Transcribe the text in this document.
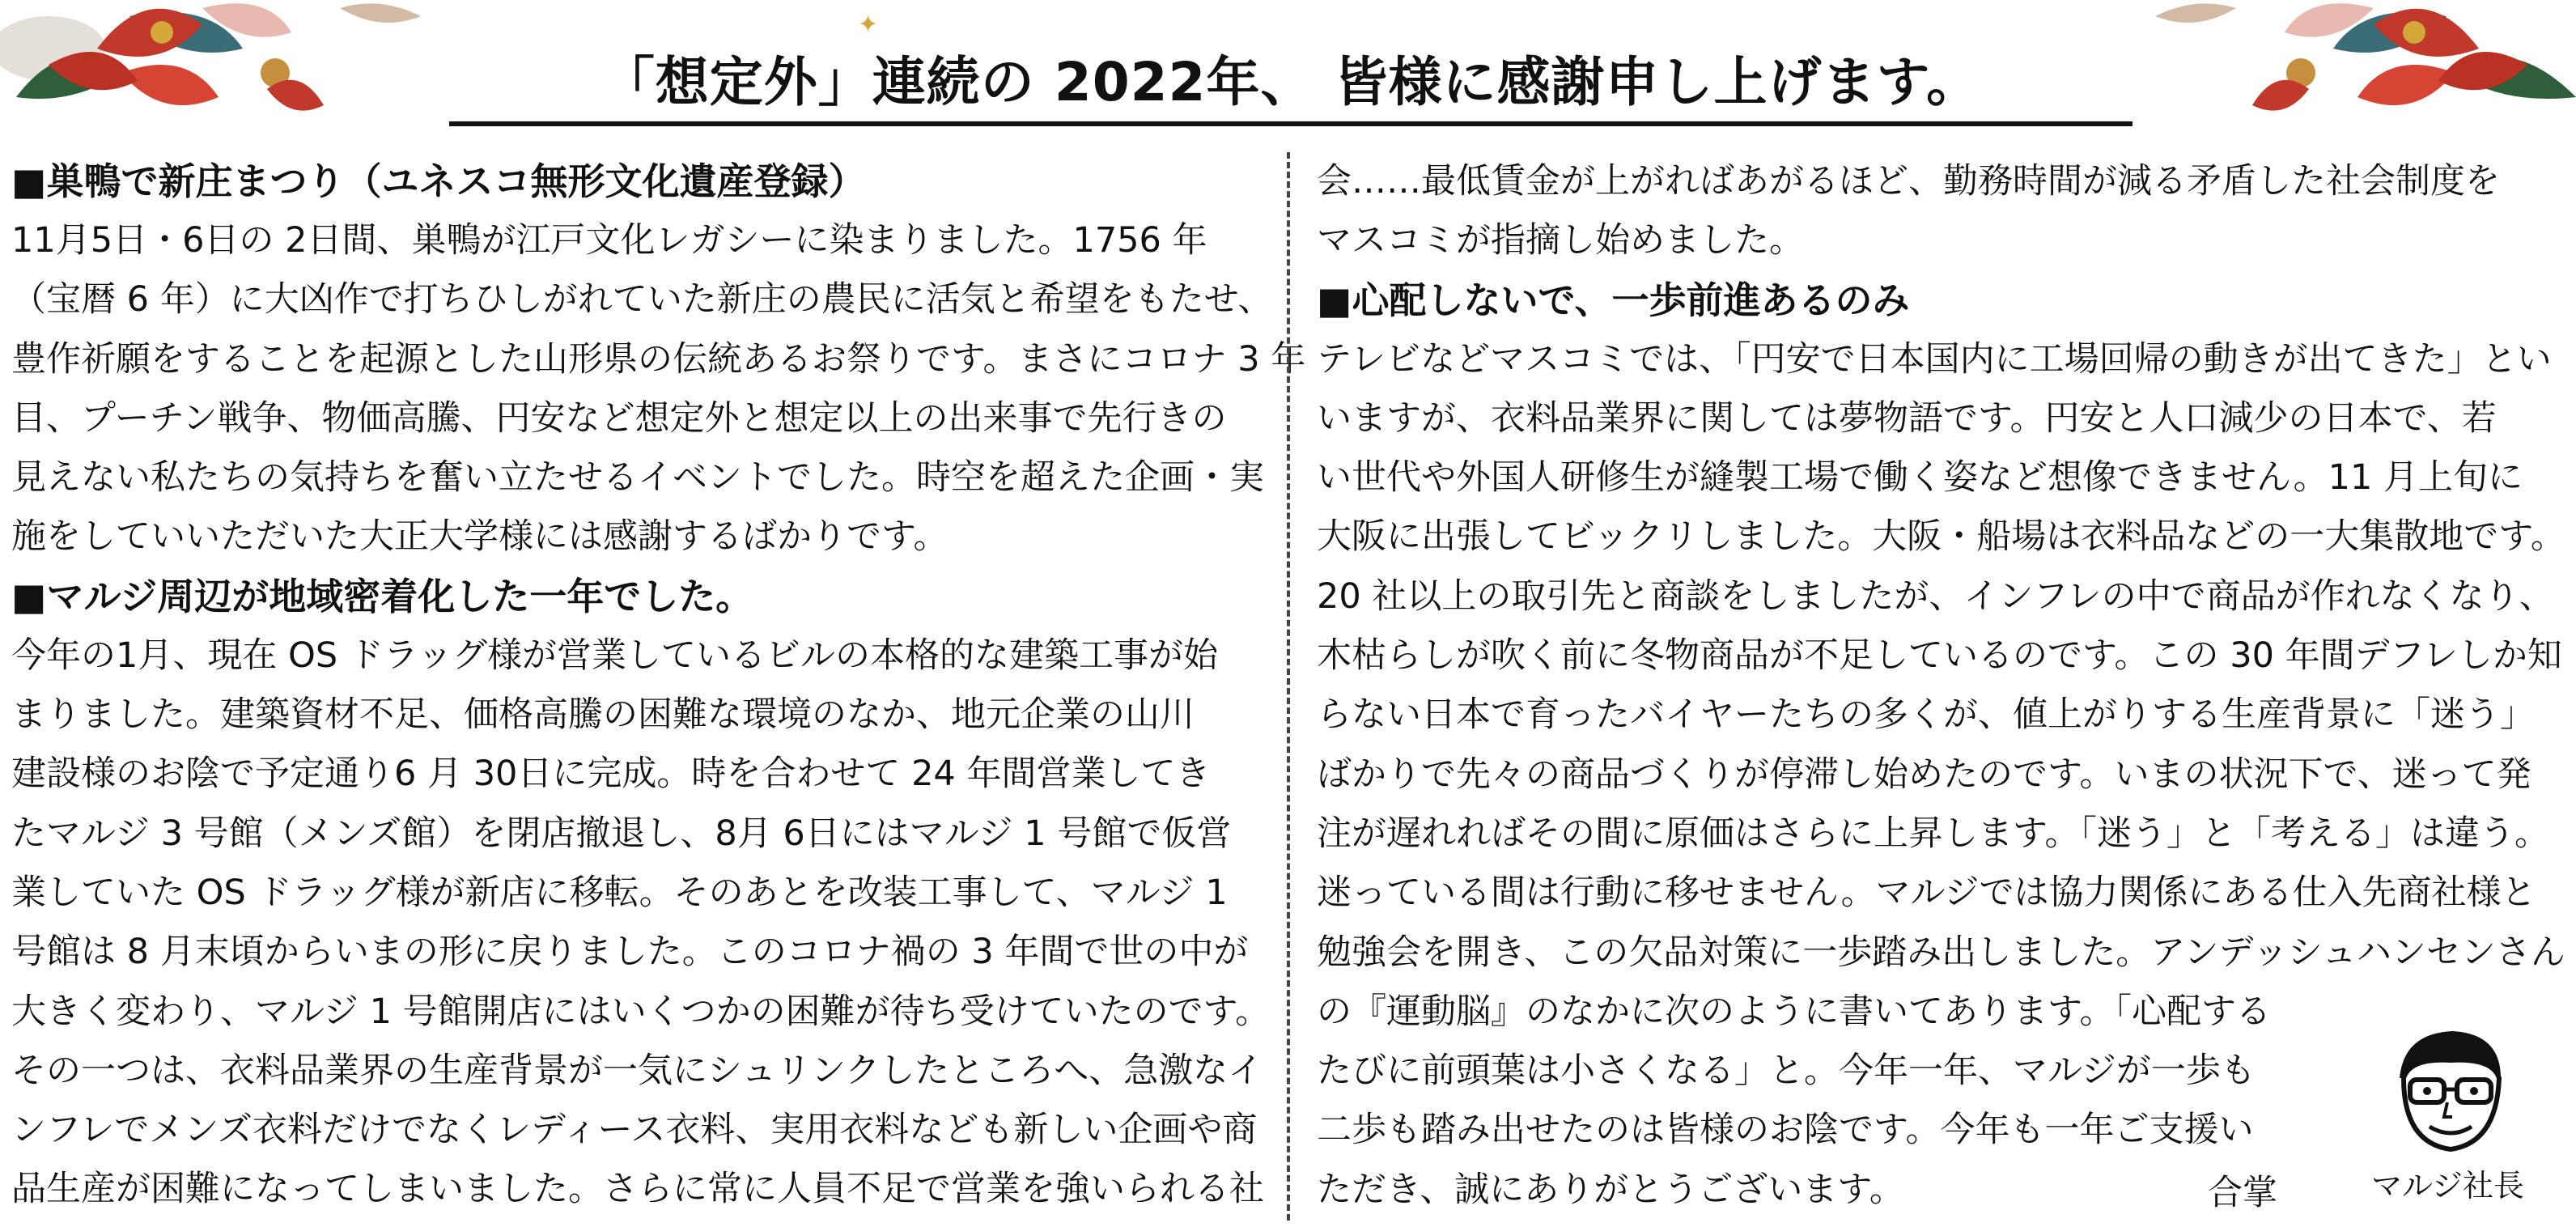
✦
「想定外」連続の 2022年、 皆様に感謝申し上げます。
■巣鴨で新庄まつり（ユネスコ無形文化遺産登録）
11月5日・6日の 2日間、巣鴨が江戸文化レガシーに染まりました。1756 年
（宝暦 6 年）に大凶作で打ちひしがれていた新庄の農民に活気と希望をもたせ、
豊作祈願をすることを起源とした山形県の伝統あるお祭りです。まさにコロナ 3 年
目、プーチン戦争、物価高騰、円安など想定外と想定以上の出来事で先行きの
見えない私たちの気持ちを奮い立たせるイベントでした。時空を超えた企画・実
施をしていいただいた大正大学様には感謝するばかりです。
■マルジ周辺が地域密着化した一年でした。
今年の1月、現在 OS ドラッグ様が営業しているビルの本格的な建築工事が始
まりました。建築資材不足、価格高騰の困難な環境のなか、地元企業の山川
建設様のお陰で予定通り6 月 30日に完成。時を合わせて 24 年間営業してき
たマルジ 3 号館（メンズ館）を閉店撤退し、8月 6日にはマルジ 1 号館で仮営
業していた OS ドラッグ様が新店に移転。そのあとを改装工事して、マルジ 1
号館は 8 月末頃からいまの形に戻りました。このコロナ禍の 3 年間で世の中が
大きく変わり、マルジ 1 号館開店にはいくつかの困難が待ち受けていたのです。
その一つは、衣料品業界の生産背景が一気にシュリンクしたところへ、急激なイ
ンフレでメンズ衣料だけでなくレディース衣料、実用衣料なども新しい企画や商
品生産が困難になってしまいました。さらに常に人員不足で営業を強いられる社
会……最低賃金が上がればあがるほど、勤務時間が減る矛盾した社会制度を
マスコミが指摘し始めました。
■心配しないで、一歩前進あるのみ
テレビなどマスコミでは、「円安で日本国内に工場回帰の動きが出てきた」とい
いますが、衣料品業界に関しては夢物語です。円安と人口減少の日本で、若
い世代や外国人研修生が縫製工場で働く姿など想像できません。11 月上旬に
大阪に出張してビックリしました。大阪・船場は衣料品などの一大集散地です。
20 社以上の取引先と商談をしましたが、インフレの中で商品が作れなくなり、
木枯らしが吹く前に冬物商品が不足しているのです。この 30 年間デフレしか知
らない日本で育ったバイヤーたちの多くが、値上がりする生産背景に「迷う」
ばかりで先々の商品づくりが停滞し始めたのです。いまの状況下で、迷って発
注が遅れればその間に原価はさらに上昇します。「迷う」と「考える」は違う。
迷っている間は行動に移せません。マルジでは協力関係にある仕入先商社様と
勉強会を開き、この欠品対策に一歩踏み出しました。アンデッシュハンセンさん
の『運動脳』のなかに次のように書いてあります。「心配する
たびに前頭葉は小さくなる」と。今年一年、マルジが一歩も
二歩も踏み出せたのは皆様のお陰です。今年も一年ご支援い
ただき、誠にありがとうございます。	合掌	マルジ社長
